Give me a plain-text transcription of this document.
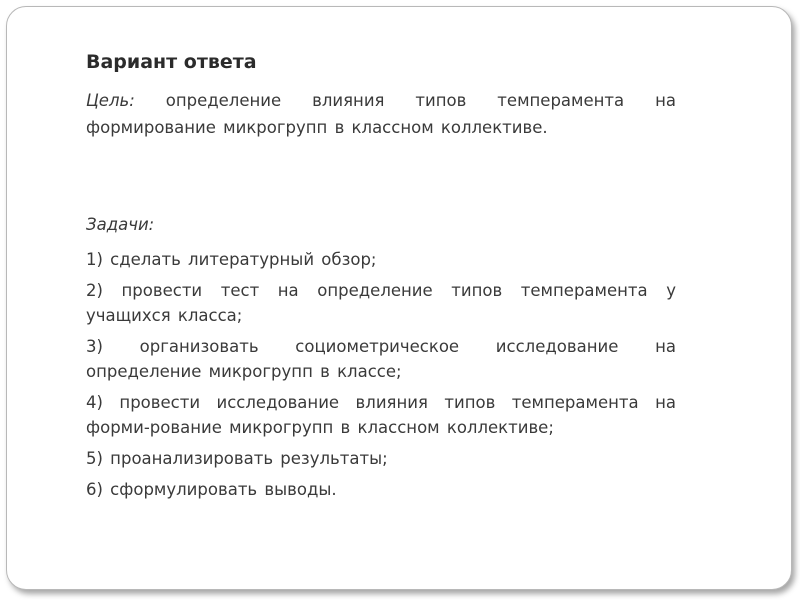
Вариант ответа
Цель: определение влияния типов темперамента на формирование микрогрупп в классном коллективе.
Задачи:
1) сделать литературный обзор;
2) провести тест на определение типов темперамента у учащихся класса;
3) организовать социометрическое исследование на определение микрогрупп в классе;
4) провести исследование влияния типов темперамента на форми-рование микрогрупп в классном коллективе;
5) проанализировать результаты;
6) сформулировать выводы.
